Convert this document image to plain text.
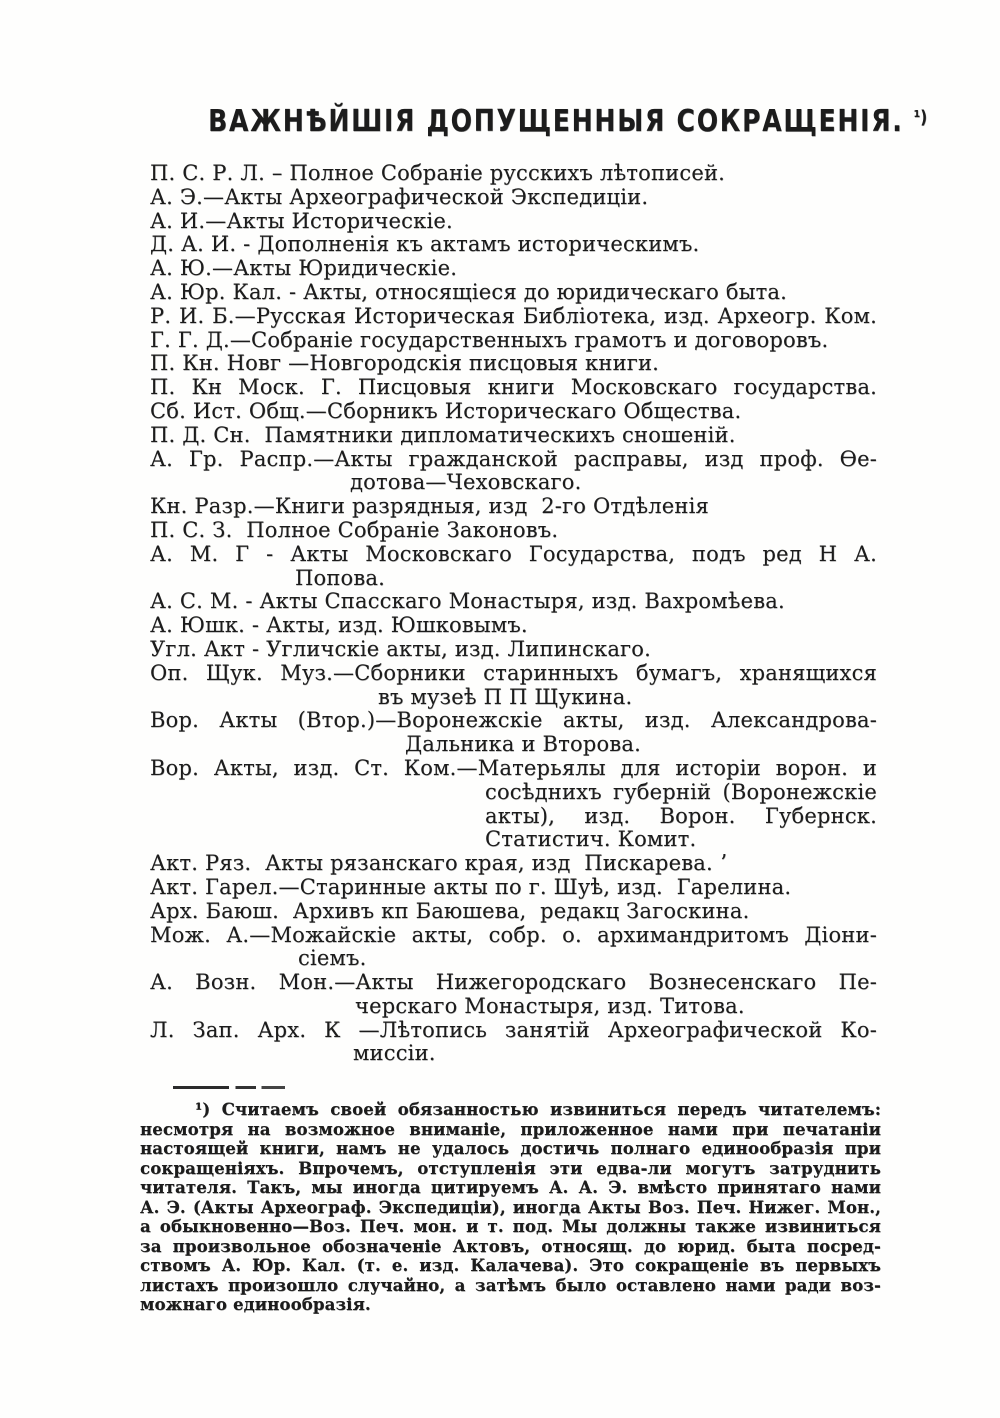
ВАЖНѢЙШІЯ ДОПУЩЕННЫЯ СОКРАЩЕНІЯ. $^{^1)}$
П. С. Р. Л. – Полное Собраніе русскихъ лѣтописей.
А. Э.—Акты Археографической Экспедиціи.
А. И.—Акты Историческіе.
Д. А. И. - Дополненія къ актамъ историческимъ.
А. Ю.—Акты Юридическіе.
А. Юр. Кал. - Акты, относящіеся до юридическаго быта.
Р. И. Б.—Русская Историческая Библіотека, изд. Археогр. Ком.
Г. Г. Д.—Собраніе государственныхъ грамотъ и договоровъ.
П. Кн. Новг —Новгородскія писцовыя книги.
П. Кн Моск. Г. Писцовыя книги Московскаго государства.
Сб. Ист. Общ.—Сборникъ Историческаго Общества.
П. Д. Сн.  Памятники дипломатическихъ сношеній.
А. Гр. Распр.—Акты гражданской расправы, изд проф. Ѳе-
дотова—Чеховскаго.
Кн. Разр.—Книги разрядныя, изд  2-го Отдѣленія
П. С. З.  Полное Собраніе Законовъ.
А. М. Г - Акты Московскаго Государства, подъ ред Н А.
Попова.
А. С. М. - Акты Спасскаго Монастыря, изд. Вахромѣева.
А. Юшк. - Акты, изд. Юшковымъ.
Угл. Акт - Угличскіе акты, изд. Липинскаго.
Оп. Щук. Муз.—Сборники старинныхъ бумагъ, хранящихся
въ музеѣ П П Щукина.
Вор. Акты (Втор.)—Воронежскіе акты, изд. Александрова-
Дальника и Второва.
Вор. Акты, изд. Ст. Ком.—Матерьялы для исторіи ворон. и
сосѣднихъ губерній (Воронежскіе
акты), изд. Ворон. Губернск.
Статистич. Комит.
Акт. Ряз.  Акты рязанскаго края, изд  Пискарева. ʼ
Акт. Гарел.—Старинные акты по г. Шуѣ, изд.  Гарелина.
Арх. Баюш.  Архивъ кп Баюшева,  редакц Загоскина.
Мож. А.—Можайскіе акты, собр. о. архимандритомъ Діони-
сіемъ.
А. Возн. Мон.—Акты Нижегородскаго Вознесенскаго Пе-
черскаго Монастыря, изд. Титова.
Л. Зап. Арх. К —Лѣтопись занятій Археографической Ко-
миссіи.
¹) Считаемъ своей обязанностью извиниться передъ читателемъ:
несмотря на возможное вниманіе, приложенное нами при печатаніи
настоящей книги, намъ не удалось достичь полнаго единообразія при
сокращеніяхъ. Впрочемъ, отступленія эти едва-ли могутъ затруднить
читателя. Такъ, мы иногда цитируемъ А. А. Э. вмѣсто принятаго нами
А. Э. (Акты Археограф. Экспедиціи), иногда Акты Воз. Печ. Нижег. Мон.,
а обыкновенно—Воз. Печ. мон. и т. под. Мы должны также извиниться
за произвольное обозначеніе Актовъ, относящ. до юрид. быта посред-
ствомъ А. Юр. Кал. (т. е. изд. Калачева). Это сокращеніе въ первыхъ
листахъ произошло случайно, а затѣмъ было оставлено нами ради воз-
можнаго единообразія.
